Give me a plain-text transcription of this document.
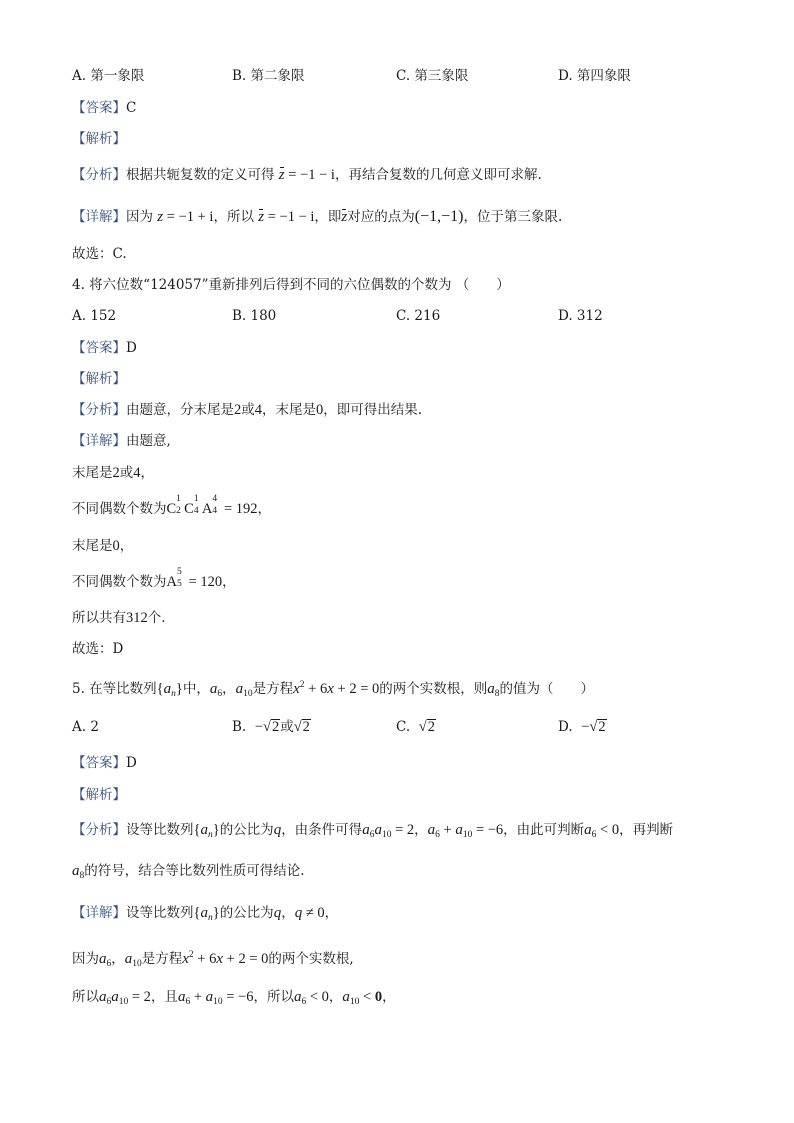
A. 第一象限	B. 第二象限	C. 第三象限	D. 第四象限
【答案】C
【解析】
【分析】根据共轭复数的定义可得 z = −1 − i，再结合复数的几何意义即可求解.
【详解】因为 z = −1 + i，所以 z = −1 − i，即z对应的点为(−1,−1)，位于第三象限.
故选：C.
4. 将六位数“124057”重新排列后得到不同的六位偶数的个数为 （　　）
A. 152	B. 180	C. 216	D. 312
【答案】D
【解析】
【分析】由题意，分末尾是2或4，末尾是0，即可得出结果.
【详解】由题意,
末尾是2或4，
不同偶数个数为C
1
2 C
1
4 A
4
4 = 192，
末尾是0，
不同偶数个数为A
5
5 = 120，
所以共有312个.
故选：D
5. 在等比数列$\{a_n\}$中，$a_6$，$a_{10}$是方程$x^2 + 6x + 2 = 0$的两个实数根，则$a_8$的值为（　　）
A. 2	B. −√2或√2	C. √2	D. −√2
【答案】D
【解析】
【分析】设等比数列$\{a_n\}$的公比为q，由条件可得$a_6a_{10} = 2$，$a_6 + a_{10} = -6$，由此可判断$a_6 < 0$，再判断
$a_8$的符号，结合等比数列性质可得结论.
【详解】设等比数列$\{a_n\}$的公比为q，q ≠ 0，
因为$a_6$，$a_{10}$是方程$x^2 + 6x + 2 = 0$的两个实数根,
所以$a_6a_{10} = 2$，且$a_6 + a_{10} = -6$，所以$a_6 < 0$，$a_{10} < 0$，
